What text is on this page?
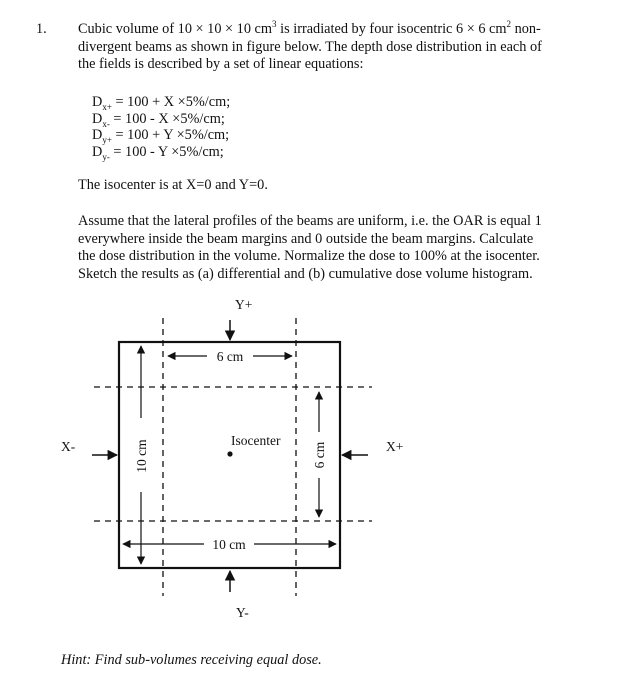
1. Cubic volume of 10 × 10 × 10 $cm^3$ is irradiated by four isocentric 6 × 6 $cm^2$ non-
divergent beams as shown in figure below. The depth dose distribution in each of
the fields is described by a set of linear equations:
$D_{x+} = 100 + X \times 5\%/cm$;
$D_{x-} = 100 - X \times 5\%/cm$;
$D_{y+} = 100 + Y \times 5\%/cm$;
$D_{y-} = 100 - Y \times 5\%/cm$;
The isocenter is at X=0 and Y=0.
Assume that the lateral profiles of the beams are uniform, i.e. the OAR is equal 1
everywhere inside the beam margins and 0 outside the beam margins. Calculate
the dose distribution in the volume. Normalize the dose to 100% at the isocenter.
Sketch the results as (a) differential and (b) cumulative dose volume histogram.
6 cm
10 cm	6 cm
10 cm
Isocenter
Y+
Y-
X-	X+
Hint: Find sub-volumes receiving equal dose.
